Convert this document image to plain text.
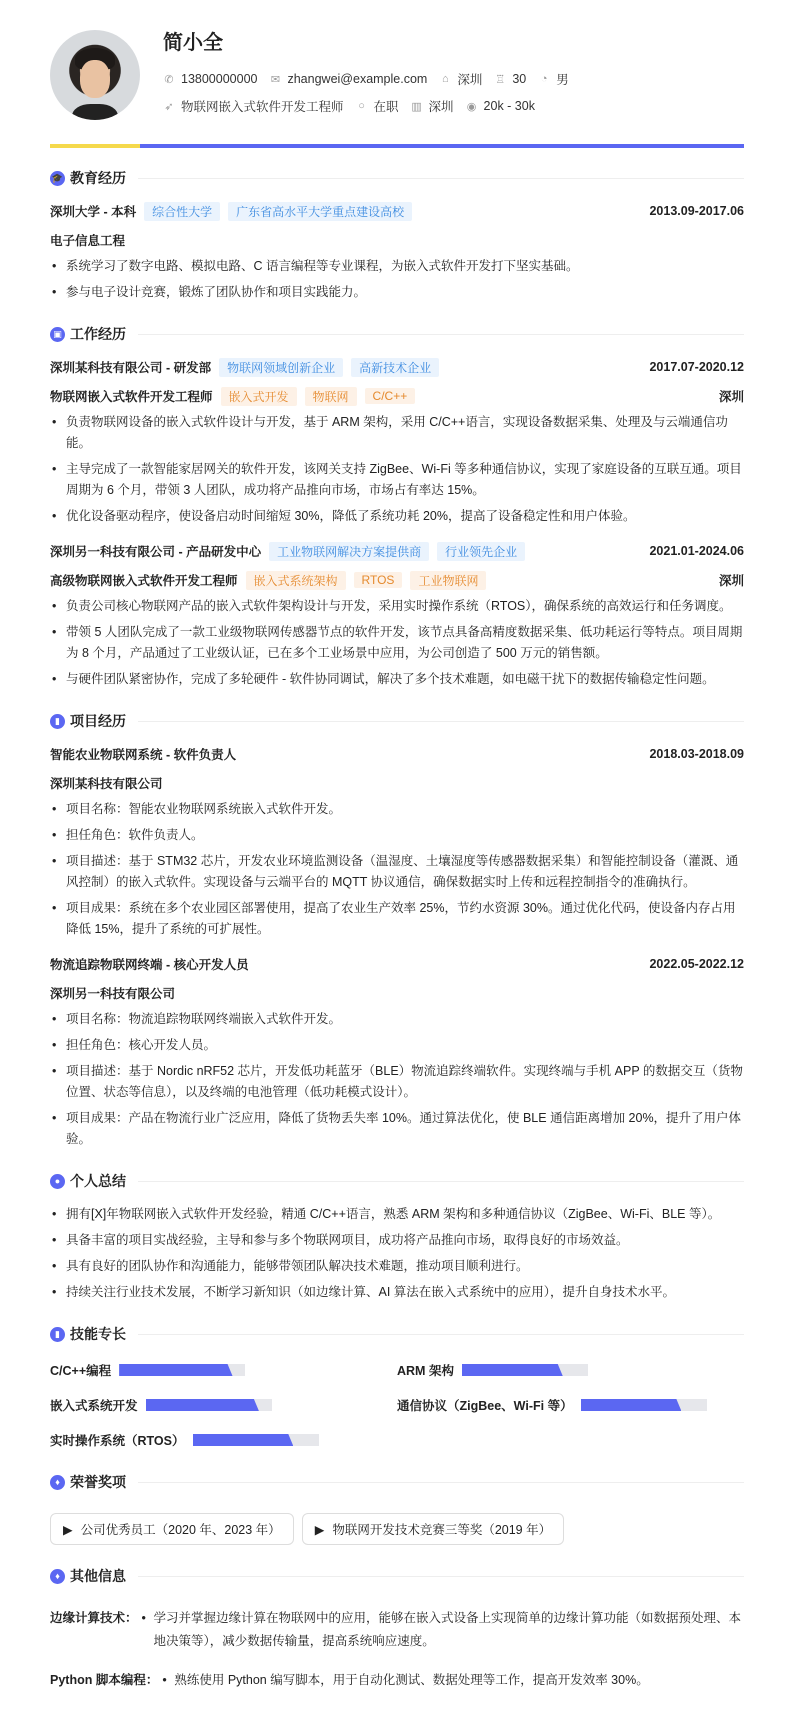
简小全
✆ 13800000000 ✉ zhangwei@example.com ⌂ 深圳 ♖ 30 ◔ 男
➶ 物联网嵌入式软件开发工程师 ○ 在职 ▥ 深圳 ◉ 20k - 30k
🎓 教育经历
深圳大学 - 本科	综合性大学	广东省高水平大学重点建设高校	2013.09-2017.06
电子信息工程
• 系统学习了数字电路、模拟电路、C 语言编程等专业课程，为嵌入式软件开发打下坚实基础。
• 参与电子设计竞赛，锻炼了团队协作和项目实践能力。
▣ 工作经历
深圳某科技有限公司 - 研发部	物联网领域创新企业	高新技术企业	2017.07-2020.12
物联网嵌入式软件开发工程师	嵌入式开发	物联网	C/C++	深圳
• 负责物联网设备的嵌入式软件设计与开发，基于 ARM 架构，采用 C/C++语言，实现设备数据采集、处理及与云端通信功能。
• 主导完成了一款智能家居网关的软件开发，该网关支持 ZigBee、Wi-Fi 等多种通信协议，实现了家庭设备的互联互通。项目周期为 6 个月，带领 3 人团队，成功将产品推向市场，市场占有率达 15%。
• 优化设备驱动程序，使设备启动时间缩短 30%，降低了系统功耗 20%，提高了设备稳定性和用户体验。
深圳另一科技有限公司 - 产品研发中心	工业物联网解决方案提供商	行业领先企业	2021.01-2024.06
高级物联网嵌入式软件开发工程师	嵌入式系统架构	RTOS	工业物联网	深圳
• 负责公司核心物联网产品的嵌入式软件架构设计与开发，采用实时操作系统（RTOS），确保系统的高效运行和任务调度。
• 带领 5 人团队完成了一款工业级物联网传感器节点的软件开发，该节点具备高精度数据采集、低功耗运行等特点。项目周期为 8 个月，产品通过了工业级认证，已在多个工业场景中应用，为公司创造了 500 万元的销售额。
• 与硬件团队紧密协作，完成了多轮硬件 - 软件协同调试，解决了多个技术难题，如电磁干扰下的数据传输稳定性问题。
▮ 项目经历
智能农业物联网系统 - 软件负责人	2018.03-2018.09
深圳某科技有限公司
• 项目名称：智能农业物联网系统嵌入式软件开发。
• 担任角色：软件负责人。
• 项目描述：基于 STM32 芯片，开发农业环境监测设备（温湿度、土壤湿度等传感器数据采集）和智能控制设备（灌溉、通风控制）的嵌入式软件。实现设备与云端平台的 MQTT 协议通信，确保数据实时上传和远程控制指令的准确执行。
• 项目成果：系统在多个农业园区部署使用，提高了农业生产效率 25%，节约水资源 30%。通过优化代码，使设备内存占用降低 15%，提升了系统的可扩展性。
物流追踪物联网终端 - 核心开发人员	2022.05-2022.12
深圳另一科技有限公司
• 项目名称：物流追踪物联网终端嵌入式软件开发。
• 担任角色：核心开发人员。
• 项目描述：基于 Nordic nRF52 芯片，开发低功耗蓝牙（BLE）物流追踪终端软件。实现终端与手机 APP 的数据交互（货物位置、状态等信息），以及终端的电池管理（低功耗模式设计）。
• 项目成果：产品在物流行业广泛应用，降低了货物丢失率 10%。通过算法优化，使 BLE 通信距离增加 20%，提升了用户体验。
● 个人总结
• 拥有[X]年物联网嵌入式软件开发经验，精通 C/C++语言，熟悉 ARM 架构和多种通信协议（ZigBee、Wi-Fi、BLE 等）。
• 具备丰富的项目实战经验，主导和参与多个物联网项目，成功将产品推向市场，取得良好的市场效益。
• 具有良好的团队协作和沟通能力，能够带领团队解决技术难题，推动项目顺利进行。
• 持续关注行业技术发展，不断学习新知识（如边缘计算、AI 算法在嵌入式系统中的应用），提升自身技术水平。
▮ 技能专长
C/C++编程	ARM 架构
嵌入式系统开发	通信协议（ZigBee、Wi-Fi 等）
实时操作系统（RTOS）
♦ 荣誉奖项
▶ 公司优秀员工（2020 年、2023 年）	▶ 物联网开发技术竞赛三等奖（2019 年）
♦ 其他信息
边缘计算技术：	• 学习并掌握边缘计算在物联网中的应用，能够在嵌入式设备上实现简单的边缘计算功能（如数据预处理、本地决策等），减少数据传输量，提高系统响应速度。
Python 脚本编程：	• 熟练使用 Python 编写脚本，用于自动化测试、数据处理等工作，提高开发效率 30%。
